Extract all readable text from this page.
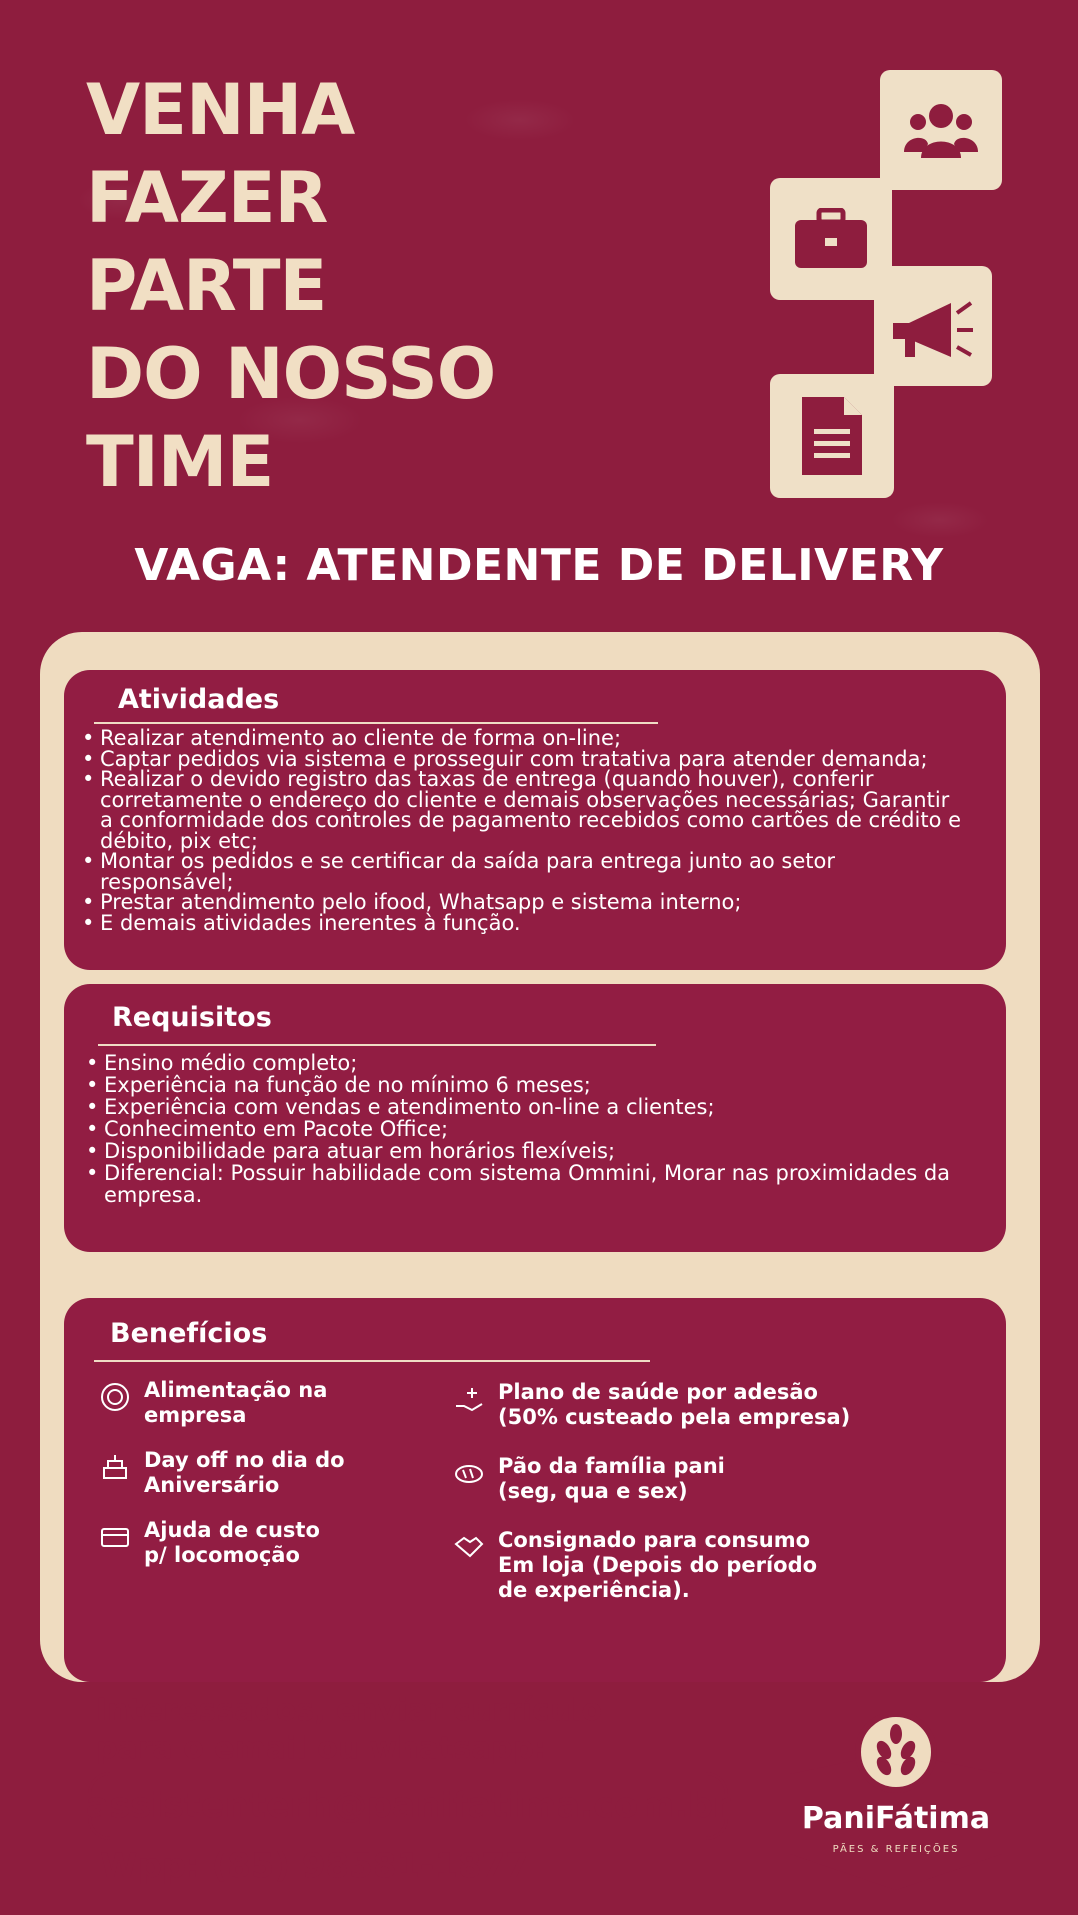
VENHA
FAZER
PARTE
DO NOSSO
TIME
VAGA: ATENDENTE DE DELIVERY
Atividades
• Realizar atendimento ao cliente de forma on-line;
• Captar pedidos via sistema e prosseguir com tratativa para atender demanda;
• Realizar o devido registro das taxas de entrega (quando houver), conferir corretamente o endereço do cliente e demais observações necessárias; Garantir a conformidade dos controles de pagamento recebidos como cartões de crédito e débito, pix etc;
• Montar os pedidos e se certificar da saída para entrega junto ao setor responsável;
• Prestar atendimento pelo ifood, Whatsapp e sistema interno;
• E demais atividades inerentes à função.
Requisitos
• Ensino médio completo;
• Experiência na função de no mínimo 6 meses;
• Experiência com vendas e atendimento on-line a clientes;
• Conhecimento em Pacote Office;
• Disponibilidade para atuar em horários flexíveis;
• Diferencial: Possuir habilidade com sistema Ommini, Morar nas proximidades da empresa.
Benefícios
Alimentação na
empresa
Day off no dia do
Aniversário
Ajuda de custo
p/ locomoção
Plano de saúde por adesão
(50% custeado pela empresa)
Pão da família pani
(seg, qua e sex)
Consignado para consumo
Em loja (Depois do período
de experiência).
Interessados, enviar currículo
para o email ou whatsapp:
assistenterh@panifatima.com.br
Wpp: (85) 98581-1877
PaniFátima
PÃES & REFEIÇÕES
